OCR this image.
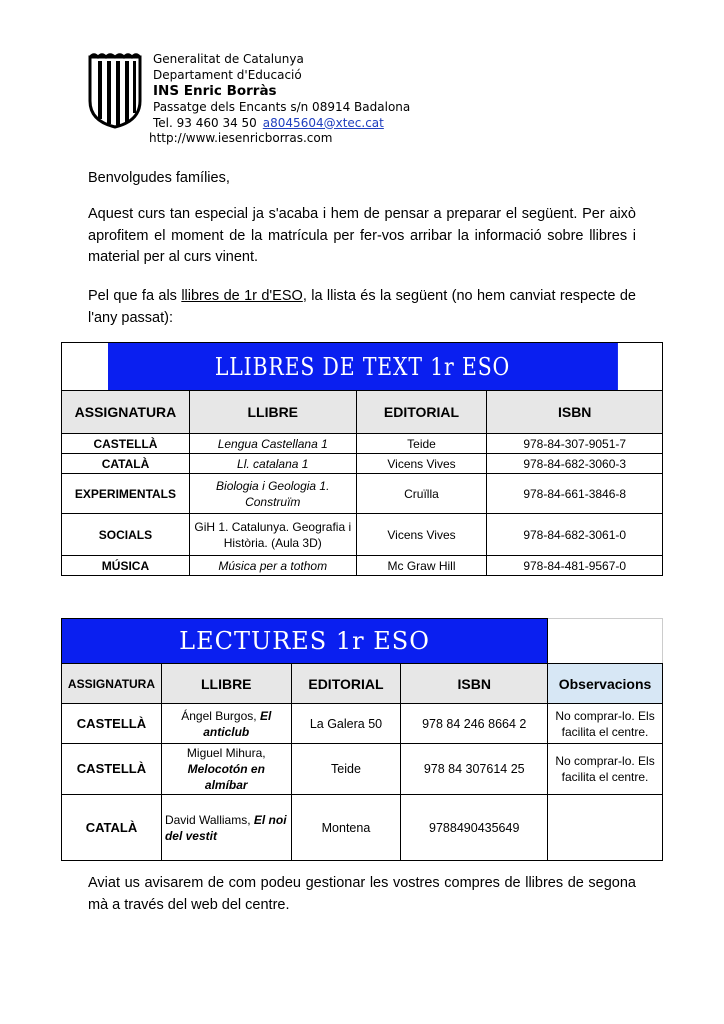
Generalitat de Catalunya
Departament d'Educació
INS Enric Borràs
Passatge dels Encants s/n 08914 Badalona
Tel. 93 460 34 50 a8045604@xtec.cat
http://www.iesenricborras.com
Benvolgudes famílies,
Aquest curs tan especial ja s'acaba i hem de pensar a preparar el següent. Per això aprofitem el moment de la matrícula per fer-vos arribar la informació sobre llibres i material per al curs vinent.
Pel que fa als llibres de 1r d'ESO, la llista és la següent (no hem canviat respecte de l'any passat):
LLIBRES DE TEXT 1r ESO			
ASSIGNATURA	LLIBRE	EDITORIAL	ISBN
CASTELLÀ	Lengua Castellana 1	Teide	978-84-307-9051-7
CATALÀ	Ll. catalana 1	Vicens Vives	978-84-682-3060-3
EXPERIMENTALS	Biologia i Geologia 1. Construïm	Cruïlla	978-84-661-3846-8
SOCIALS	GiH 1. Catalunya. Geografia i Història. (Aula 3D)	Vicens Vives	978-84-682-3061-0
MÚSICA	Música per a tothom	Mc Graw Hill	978-84-481-9567-0
LECTURES 1r ESO				
ASSIGNATURA	LLIBRE	EDITORIAL	ISBN	Observacions
CASTELLÀ	Ángel Burgos, El anticlub	La Galera 50	978 84 246 8664 2	No comprar-lo. Els facilita el centre.
CASTELLÀ	Miguel Mihura, Melocotón en almíbar	Teide	978 84 307614 25	No comprar-lo. Els facilita el centre.
CATALÀ	David Walliams, El noi del vestit	Montena	9788490435649	
Aviat us avisarem de com podeu gestionar les vostres compres de llibres de segona mà a través del web del centre.
